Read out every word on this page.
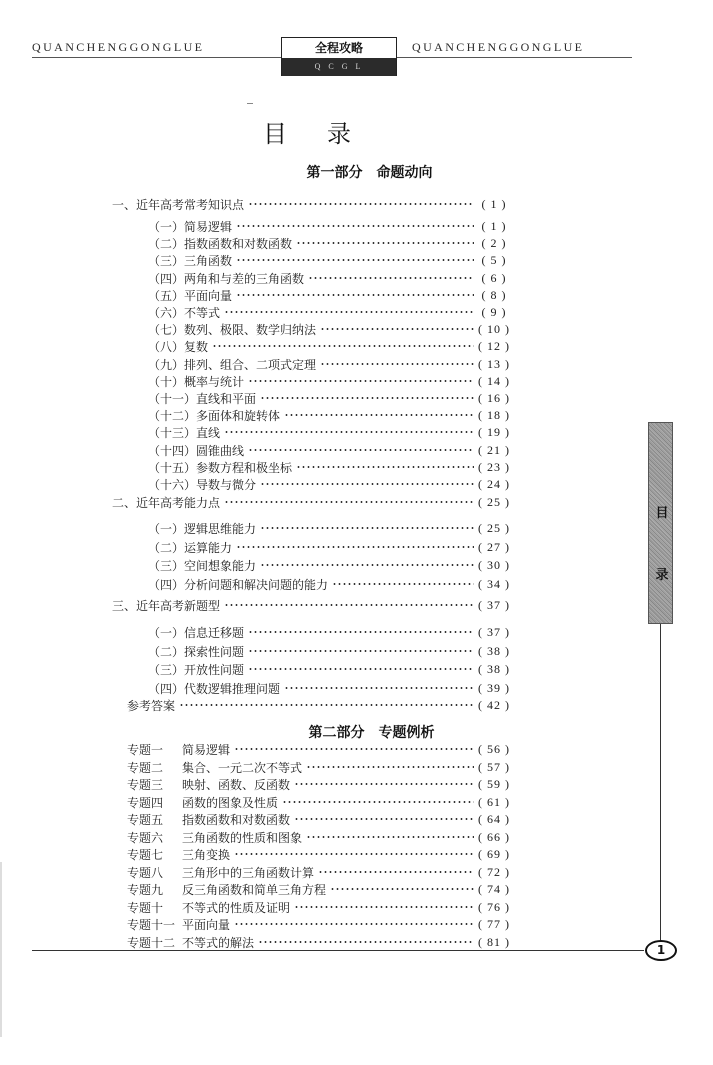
QUANCHENGGONGLUE	QUANCHENGGONGLUE
全程攻略
Q C G L
目录
第一部分　命题动向
一、近年高考常考知识点	( 1 )
（一）简易逻辑	( 1 )
（二）指数函数和对数函数	( 2 )
（三）三角函数	( 5 )
（四）两角和与差的三角函数	( 6 )
（五）平面向量	( 8 )
（六）不等式	( 9 )
（七）数列、极限、数学归纳法	( 10 )
（八）复数	( 12 )
（九）排列、组合、二项式定理	( 13 )
（十）概率与统计	( 14 )
（十一）直线和平面	( 16 )
（十二）多面体和旋转体	( 18 )
（十三）直线	( 19 )
（十四）圆锥曲线	( 21 )
（十五）参数方程和极坐标	( 23 )
（十六）导数与微分	( 24 )
二、近年高考能力点	( 25 )
（一）逻辑思维能力	( 25 )
（二）运算能力	( 27 )
（三）空间想象能力	( 30 )
（四）分析问题和解决问题的能力	( 34 )
三、近年高考新题型	( 37 )
（一）信息迁移题	( 37 )
（二）探索性问题	( 38 )
（三）开放性问题	( 38 )
（四）代数逻辑推理问题	( 39 )
参考答案	( 42 )
第二部分　专题例析
专题一	简易逻辑	( 56 )
专题二	集合、一元二次不等式	( 57 )
专题三	映射、函数、反函数	( 59 )
专题四	函数的图象及性质	( 61 )
专题五	指数函数和对数函数	( 64 )
专题六	三角函数的性质和图象	( 66 )
专题七	三角变换	( 69 )
专题八	三角形中的三角函数计算	( 72 )
专题九	反三角函数和简单三角方程	( 74 )
专题十	不等式的性质及证明	( 76 )
专题十一 平面向量	( 77 )
专题十二 不等式的解法	( 81 )
目录
1
